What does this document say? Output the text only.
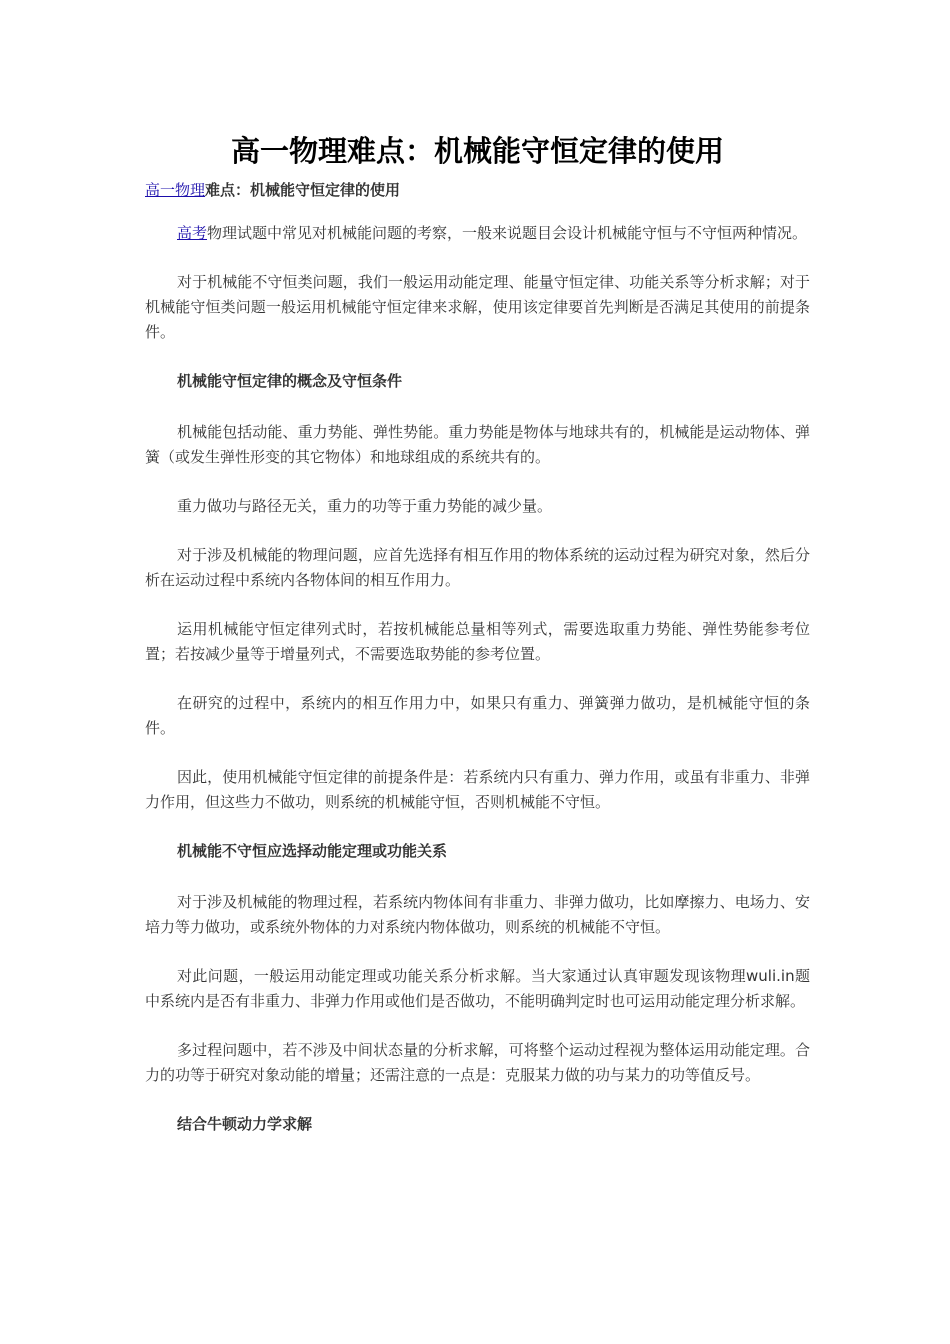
高一物理难点：机械能守恒定律的使用
高一物理难点：机械能守恒定律的使用

高考物理试题中常见对机械能问题的考察，一般来说题目会设计机械能守恒与不守恒两种情况。

对于机械能不守恒类问题，我们一般运用动能定理、能量守恒定律、功能关系等分析求解；对于机械能守恒类问题一般运用机械能守恒定律来求解，使用该定律要首先判断是否满足其使用的前提条件。

机械能守恒定律的概念及守恒条件

机械能包括动能、重力势能、弹性势能。重力势能是物体与地球共有的，机械能是运动物体、弹簧（或发生弹性形变的其它物体）和地球组成的系统共有的。

重力做功与路径无关，重力的功等于重力势能的减少量。

对于涉及机械能的物理问题，应首先选择有相互作用的物体系统的运动过程为研究对象，然后分析在运动过程中系统内各物体间的相互作用力。

运用机械能守恒定律列式时，若按机械能总量相等列式，需要选取重力势能、弹性势能参考位置；若按减少量等于增量列式，不需要选取势能的参考位置。

在研究的过程中，系统内的相互作用力中，如果只有重力、弹簧弹力做功，是机械能守恒的条件。

因此，使用机械能守恒定律的前提条件是：若系统内只有重力、弹力作用，或虽有非重力、非弹力作用，但这些力不做功，则系统的机械能守恒，否则机械能不守恒。

机械能不守恒应选择动能定理或功能关系

对于涉及机械能的物理过程，若系统内物体间有非重力、非弹力做功，比如摩擦力、电场力、安培力等力做功，或系统外物体的力对系统内物体做功，则系统的机械能不守恒。

对此问题，一般运用动能定理或功能关系分析求解。当大家通过认真审题发现该物理wuli.in题中系统内是否有非重力、非弹力作用或他们是否做功，不能明确判定时也可运用动能定理分析求解。

多过程问题中，若不涉及中间状态量的分析求解，可将整个运动过程视为整体运用动能定理。合力的功等于研究对象动能的增量；还需注意的一点是：克服某力做的功与某力的功等值反号。

结合牛顿动力学求解
